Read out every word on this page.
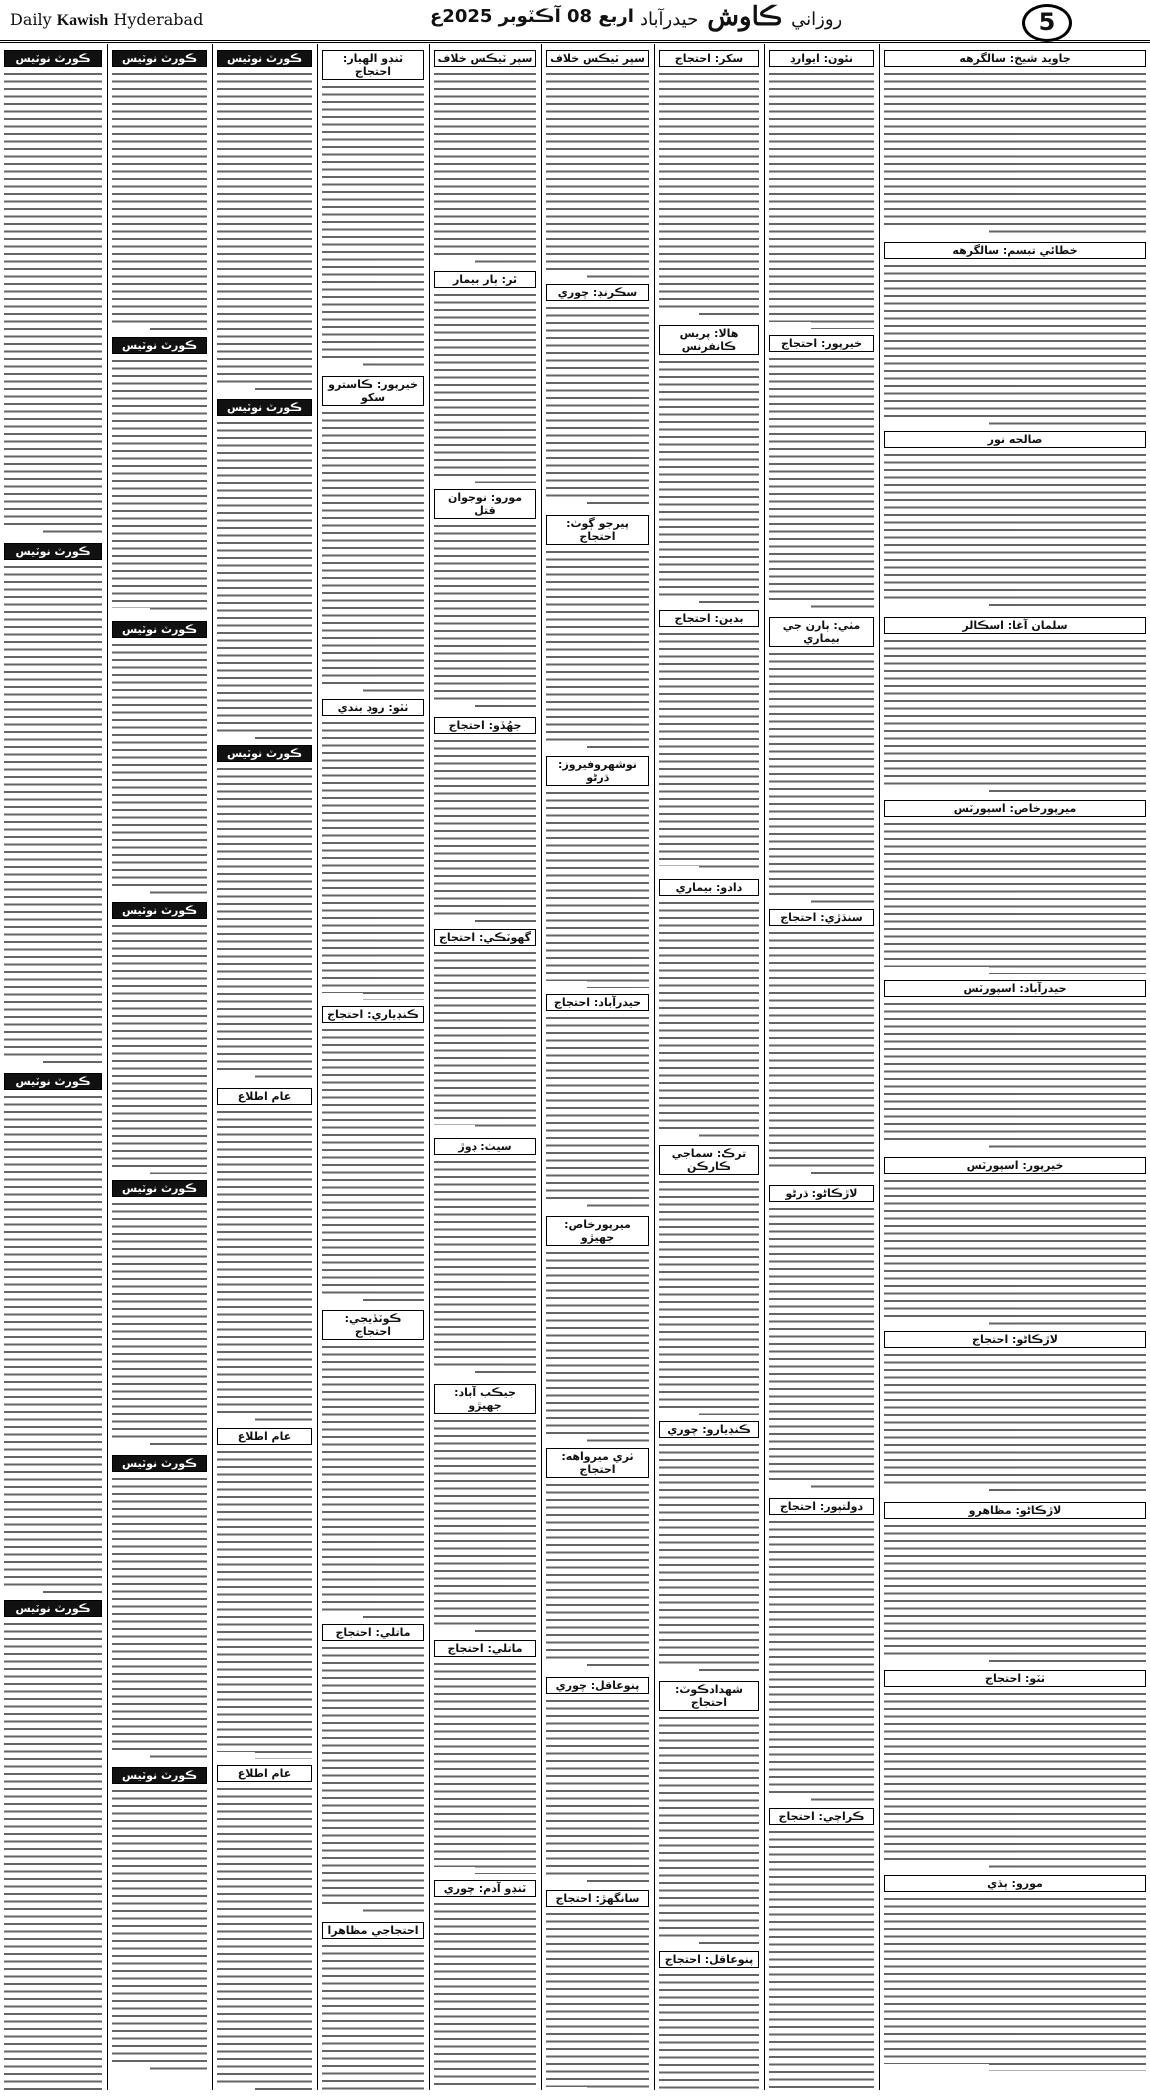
Daily Kawish Hyderabad	اربع 08 آڪٽوبر 2025ع	روزاني ڪاوش حيدرآباد	5
ڪورٽ نوٽيس
ڪورٽ نوٽيس
ڪورٽ نوٽيس
ڪورٽ نوٽيس
ڪورٽ نوٽيس
ڪورٽ نوٽيس
ڪورٽ نوٽيس
ڪورٽ نوٽيس
ڪورٽ نوٽيس
ڪورٽ نوٽيس
ڪورٽ نوٽيس
ڪورٽ نوٽيس
ڪورٽ نوٽيس
ڪورٽ نوٽيس
عام اطلاع
عام اطلاع
عام اطلاع
ٽنڊو الهيار: احتجاج
خيرپور: ڪاسترو سکو
ٺٽو: روڊ بندي
ڪنڊياري: احتجاج
ڪوٽڏيجي: احتجاج
ماتلي: احتجاج
احتجاجي مظاهرا
سپر ٽيڪس خلاف
ٿر: ٻار بيمار
مورو: نوجوان قتل
جھُڏو: احتجاج
گهوٽڪي: احتجاج
سيٺ: ڊوڙ
جيڪب آباد: جھيڙو
ماتلي: احتجاج
ٽنڊو آدم: چوري
سپر ٽيڪس خلاف
سڪرنڊ: چوري
پيرجو ڳوٺ: احتجاج
نوشهروفيروز: ڌرڻو
حيدرآباد: احتجاج
ميرپورخاص: جھيڙو
ٺري ميرواهه: احتجاج
پنوعاقل: چوري
سانگهڙ: احتجاج
سکر: احتجاج
هالا: پريس ڪانفرنس
بدين: احتجاج
دادو: بيماري
ترڪ: سماجي ڪارڪن
ڪنڊيارو: چوري
شهدادڪوٽ: احتجاج
پنوعاقل: احتجاج
نئون: ايوارڊ
خيرپور: احتجاج
مٺي: ٻارن جي بيماري
سنڌڙي: احتجاج
لاڙڪاڻو: ڌرڻو
دولتپور: احتجاج
ڪراچي: احتجاج
جاويد شيخ: سالگرهه
خطائي تبسم: سالگرهه
صالحه نور
سلمان آغا: اسڪالر
ميرپورخاص: اسپورٽس
حيدرآباد: اسپورٽس
خيرپور: اسپورٽس
لاڙڪاڻو: احتجاج
لاڙڪاڻو: مظاهرو
ٺٽو: احتجاج
مورو: ٻڌي
